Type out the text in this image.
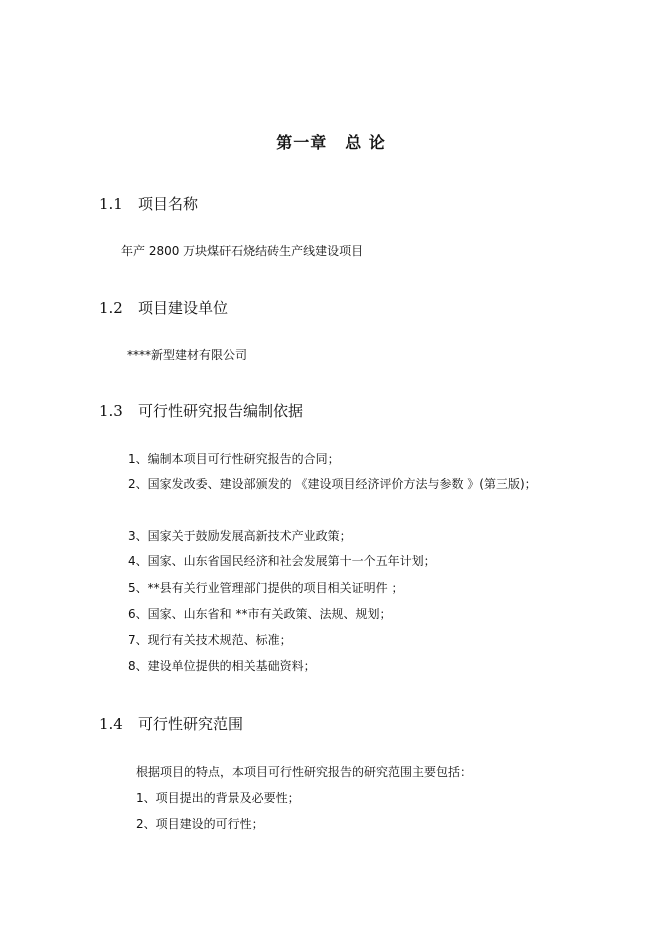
第一章 总 论
1.1 项目名称
年产 2800 万块煤矸石烧结砖生产线建设项目
1.2 项目建设单位
****新型建材有限公司
1.3 可行性研究报告编制依据
1、编制本项目可行性研究报告的合同；
2、国家发改委、建设部颁发的 《建设项目经济评价方法与参数 》(第三版)；
3、国家关于鼓励发展高新技术产业政策；
4、国家、山东省国民经济和社会发展第十一个五年计划；
5、**县有关行业管理部门提供的项目相关证明件 ；
6、国家、山东省和 **市有关政策、法规、规划；
7、现行有关技术规范、标准；
8、建设单位提供的相关基础资料；
1.4 可行性研究范围
根据项目的特点，本项目可行性研究报告的研究范围主要包括：
1、项目提出的背景及必要性；
2、项目建设的可行性；
